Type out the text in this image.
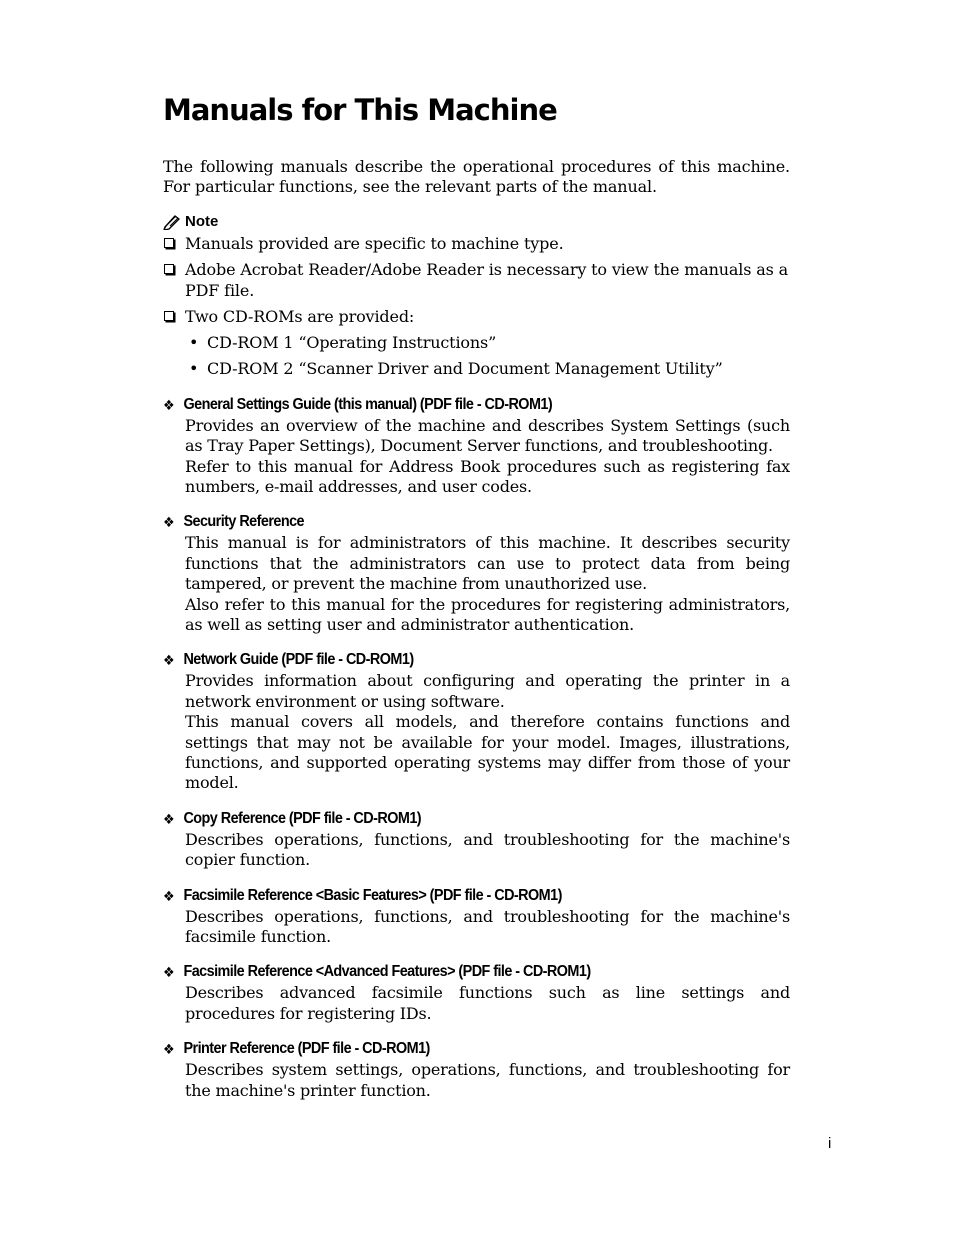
Manuals for This Machine

The following manuals describe the operational procedures of this machine. For particular functions, see the relevant parts of the manual.

Note
Manuals provided are specific to machine type.
Adobe Acrobat Reader/Adobe Reader is necessary to view the manuals as a PDF file.
Two CD-ROMs are provided:
• CD-ROM 1 “Operating Instructions”
• CD-ROM 2 “Scanner Driver and Document Management Utility”
❖ General Settings Guide (this manual) (PDF file - CD-ROM1)

Provides an overview of the machine and describes System Settings (such as Tray Paper Settings), Document Server functions, and troubleshooting.

Refer to this manual for Address Book procedures such as registering fax numbers, e-mail addresses, and user codes.

❖ Security Reference

This manual is for administrators of this machine. It describes security functions that the administrators can use to protect data from being tampered, or prevent the machine from unauthorized use.

Also refer to this manual for the procedures for registering administrators, as well as setting user and administrator authentication.

❖ Network Guide (PDF file - CD-ROM1)

Provides information about configuring and operating the printer in a network environment or using software.

This manual covers all models, and therefore contains functions and settings that may not be available for your model. Images, illustrations, functions, and supported operating systems may differ from those of your model.

❖ Copy Reference (PDF file - CD-ROM1)

Describes operations, functions, and troubleshooting for the machine's copier function.

❖ Facsimile Reference <Basic Features> (PDF file - CD-ROM1)

Describes operations, functions, and troubleshooting for the machine's facsimile function.

❖ Facsimile Reference <Advanced Features> (PDF file - CD-ROM1)

Describes advanced facsimile functions such as line settings and procedures for registering IDs.

❖ Printer Reference (PDF file - CD-ROM1)

Describes system settings, operations, functions, and troubleshooting for the machine's printer function.

i
